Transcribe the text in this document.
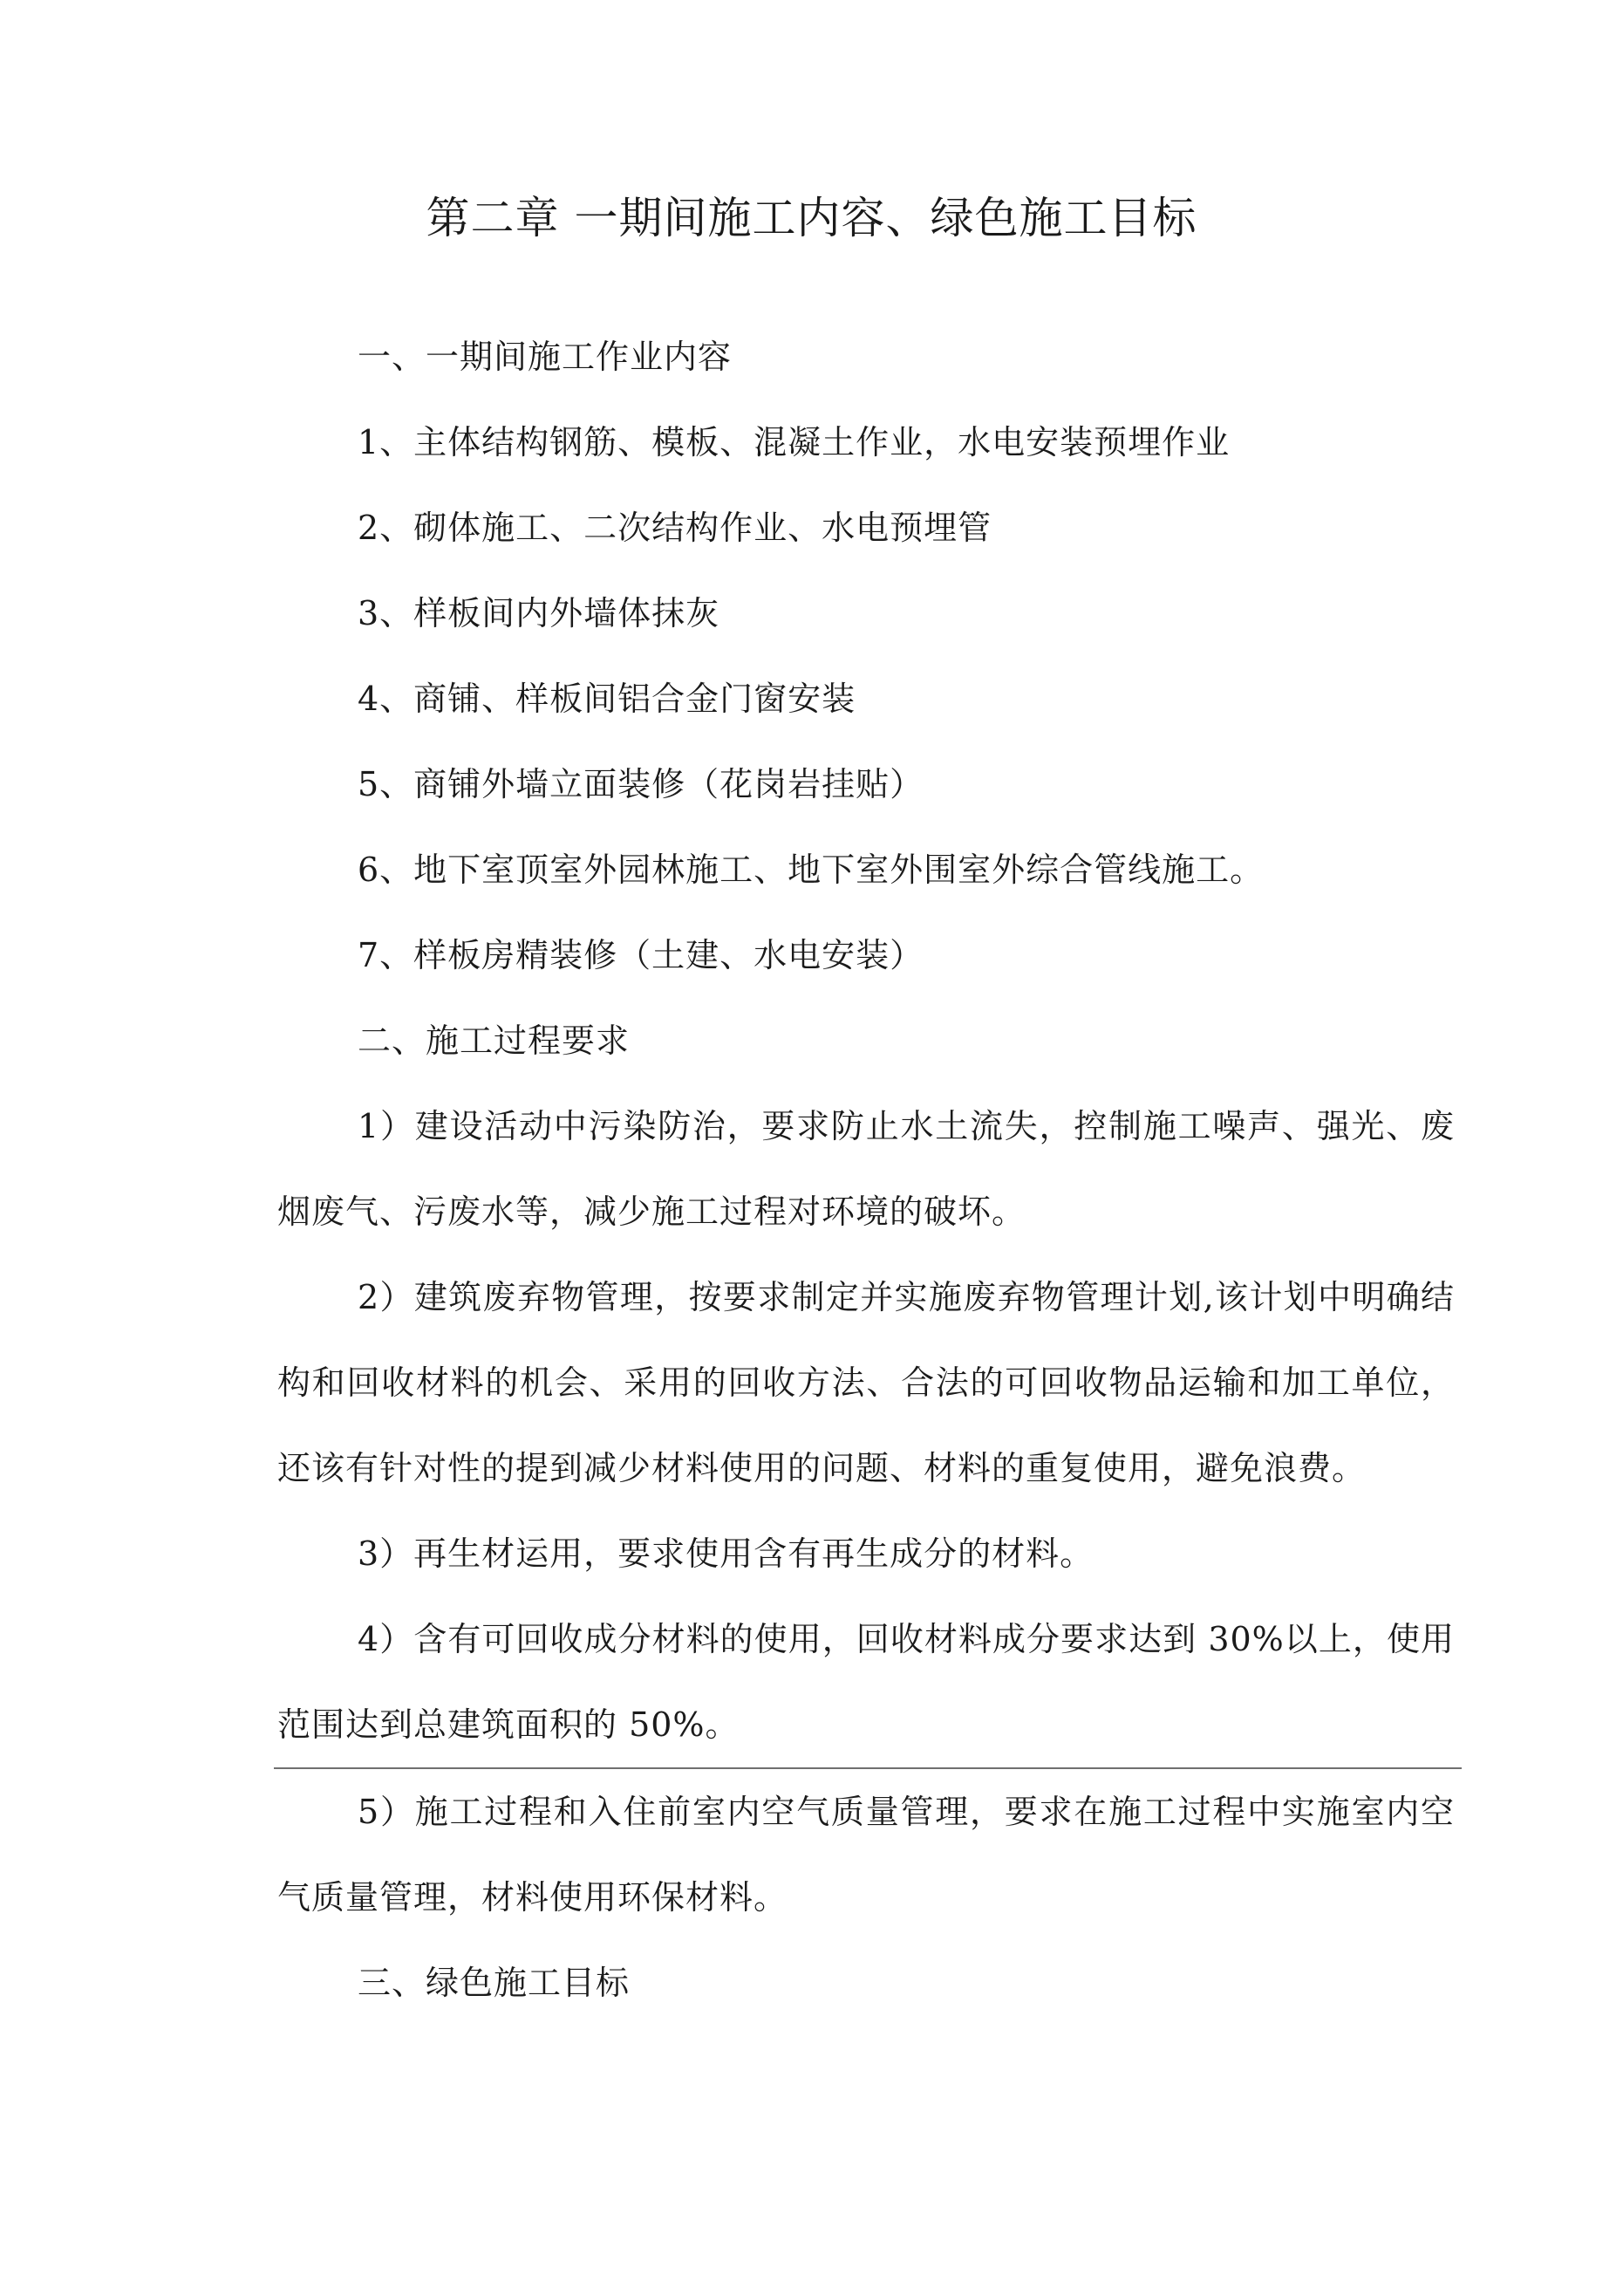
第二章 一期间施工内容、绿色施工目标

一、一期间施工作业内容

1、主体结构钢筋、模板、混凝土作业，水电安装预埋作业

2、砌体施工、二次结构作业、水电预埋管

3、样板间内外墙体抹灰

4、商铺、样板间铝合金门窗安装

5、商铺外墙立面装修（花岗岩挂贴）

6、地下室顶室外园林施工、地下室外围室外综合管线施工。

7、样板房精装修（土建、水电安装）

二、施工过程要求

1）建设活动中污染防治，要求防止水土流失，控制施工噪声、强光、废烟废气、污废水等，减少施工过程对环境的破坏。

2）建筑废弃物管理，按要求制定并实施废弃物管理计划,该计划中明确结构和回收材料的机会、采用的回收方法、合法的可回收物品运输和加工单位，还该有针对性的提到减少材料使用的问题、材料的重复使用，避免浪费。

3）再生材运用，要求使用含有再生成分的材料。

4）含有可回收成分材料的使用，回收材料成分要求达到 30%以上，使用范围达到总建筑面积的 50%。

5）施工过程和入住前室内空气质量管理，要求在施工过程中实施室内空气质量管理，材料使用环保材料。

三、绿色施工目标
